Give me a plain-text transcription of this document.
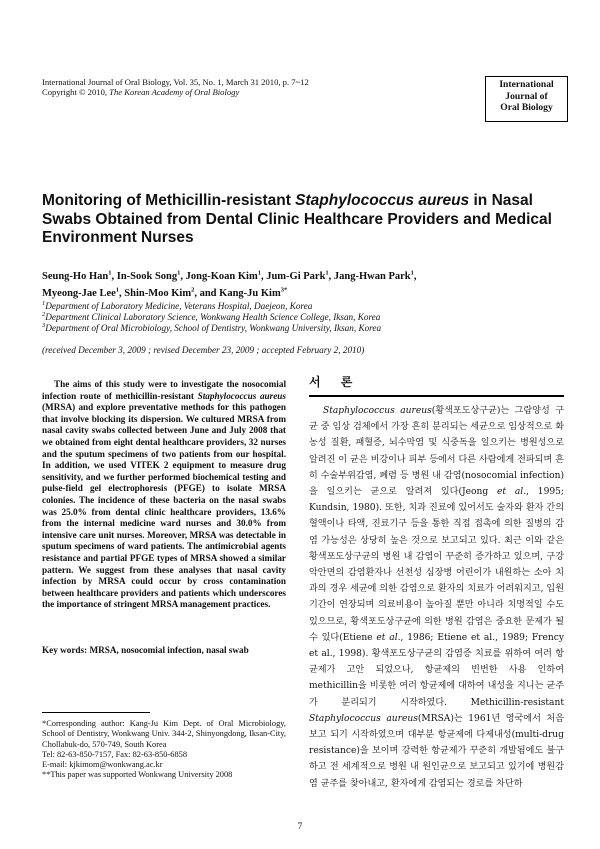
International Journal of Oral Biology, Vol. 35, No. 1, March 31 2010, p. 7~12
Copyright © 2010, The Korean Academy of Oral Biology
International
Journal of
Oral Biology
Monitoring of Methicillin-resistant Staphylococcus aureus in Nasal Swabs Obtained from Dental Clinic Healthcare Providers and Medical Environment Nurses
Seung-Ho Han$^1$, In-Sook Song$^1$, Jong-Koan Kim$^1$, Jum-Gi Park$^1$, Jang-Hwan Park$^1$,
Myeong-Jae Lee$^1$, Shin-Moo Kim$^2$, and Kang-Ju Kim$^{3*}$
$^1$Department of Laboratory Medicine, Veterans Hospital, Daejeon, Korea
$^2$Department Clinical Laboratory Science, Wonkwang Health Science College, Iksan, Korea
$^3$Department of Oral Microbiology, School of Dentistry, Wonkwang University, Iksan, Korea
(received December 3, 2009 ; revised December 23, 2009 ; accepted February 2, 2010)
The aims of this study were to investigate the nosocomial infection route of methicillin-resistant Staphylococcus aureus (MRSA) and explore preventative methods for this pathogen that involve blocking its dispersion. We cultured MRSA from nasal cavity swabs collected between June and July 2008 that we obtained from eight dental healthcare providers, 32 nurses and the sputum specimens of two patients from our hospital. In addition, we used VITEK 2 equipment to measure drug sensitivity, and we further performed biochemical testing and pulse-field gel electrophoresis (PFGE) to isolate MRSA colonies. The incidence of these bacteria on the nasal swabs was 25.0% from dental clinic healthcare providers, 13.6% from the internal medicine ward nurses and 30.0% from intensive care unit nurses. Moreover, MRSA was detectable in sputum specimens of ward patients. The antimicrobial agents resistance and partial PFGE types of MRSA showed a similar pattern. We suggest from these analyses that nasal cavity infection by MRSA could occur by cross contamination between healthcare providers and patients which underscores the importance of stringent MRSA management practices.
Key words: MRSA, nosocomial infection, nasal swab
*Corresponding author: Kang-Ju Kim Dept. of Oral Microbiology, School of Dentistry, Wonkwang Univ. 344-2, Shinyongdong, Iksan-City, Chollabuk-do, 570-749, South Korea
Tel: 82-63-850-7157, Fax: 82-63-850-6858
E-mail: kjkimom@wonkwang.ac.kr
**This paper was supported Wonkwang University 2008
서 론

Staphylococcus aureus(황색포도상구균)는 그람양성 구균 중 임상 검체에서 가장 흔히 분리되는 세균으로 임상적으로 화농성 질환, 패혈증, 뇌수막염 및 식중독을 일으키는 병원성으로 알려진 이 균은 비강이나 피부 등에서 다른 사람에게 전파되며 흔히 수술부위감염, 폐렴 등 병원 내 감염(nosocomial infection)을 일으키는 균으로 알려져 있다(Jeong et al., 1995; Kundsin, 1980). 또한, 치과 진료에 있어서도 술자와 환자 간의 혈액이나 타액, 진료기구 등을 통한 직접 접촉에 의한 질병의 감염 가능성은 상당히 높은 것으로 보고되고 있다. 최근 이와 같은 황색포도상구균의 병원 내 감염이 꾸준히 증가하고 있으며, 구강악안면의 감염환자나 선천성 심장병 어린이가 내원하는 소아 치과의 경우 세균에 의한 감염으로 환자의 치료가 어려워지고, 입원기간이 연장되며 의료비용이 높아질 뿐만 아니라 치명적일 수도 있으므로, 황색포도상구균에 의한 병원 감염은 중요한 문제가 될 수 있다(Etiene et al., 1986; Etiene et al., 1989; Frency et al., 1998). 황색포도상구균의 감염증 치료를 위하여 여러 항균제가 고안 되었으나, 항균제의 빈번한 사용 인하여 methicillin을 비롯한 여러 항균제에 대하여 내성을 지니는 균주가 분리되기 시작하였다. Methicillin-resistant Staphylococcus aureus(MRSA)는 1961년 영국에서 처음 보고 되기 시작하였으며 대부분 항균제에 다제내성(multi-drug resistance)을 보이며 강력한 항균제가 꾸준히 개발됨에도 불구하고 전 세계적으로 병원 내 원인균으로 보고되고 있기에 병원감염 균주를 찾아내고, 환자에게 감염되는 경로를 차단하

7
